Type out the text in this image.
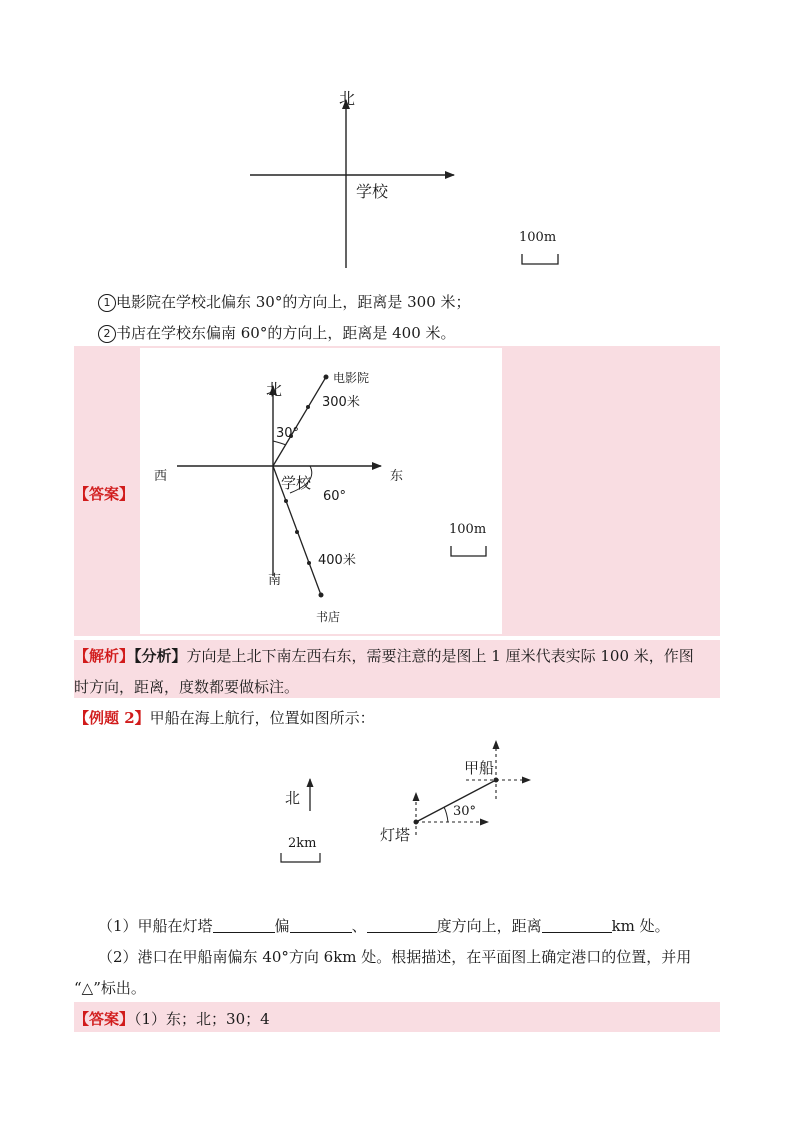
北
学校
100m
1 电影院在学校北偏东 30°的方向上，距离是 300 米；
2 书店在学校东偏南 60°的方向上，距离是 400 米。
【答案】
北
西	东
南
学校
电影院
300米
30°
60°
400米
书店
100m
【解析】【分析】方向是上北下南左西右东，需要注意的是图上 1 厘米代表实际 100 米，作图
时方向，距离，度数都要做标注。
【例题 2】甲船在海上航行，位置如图所示：
北
2km
甲船
灯塔
30°
（1）甲船在灯塔	偏	、	度方向上，距离	km 处。
（2）港口在甲船南偏东 40°方向 6km 处。根据描述，在平面图上确定港口的位置，并用
“△”标出。
【答案】（1）东；北；30；4
